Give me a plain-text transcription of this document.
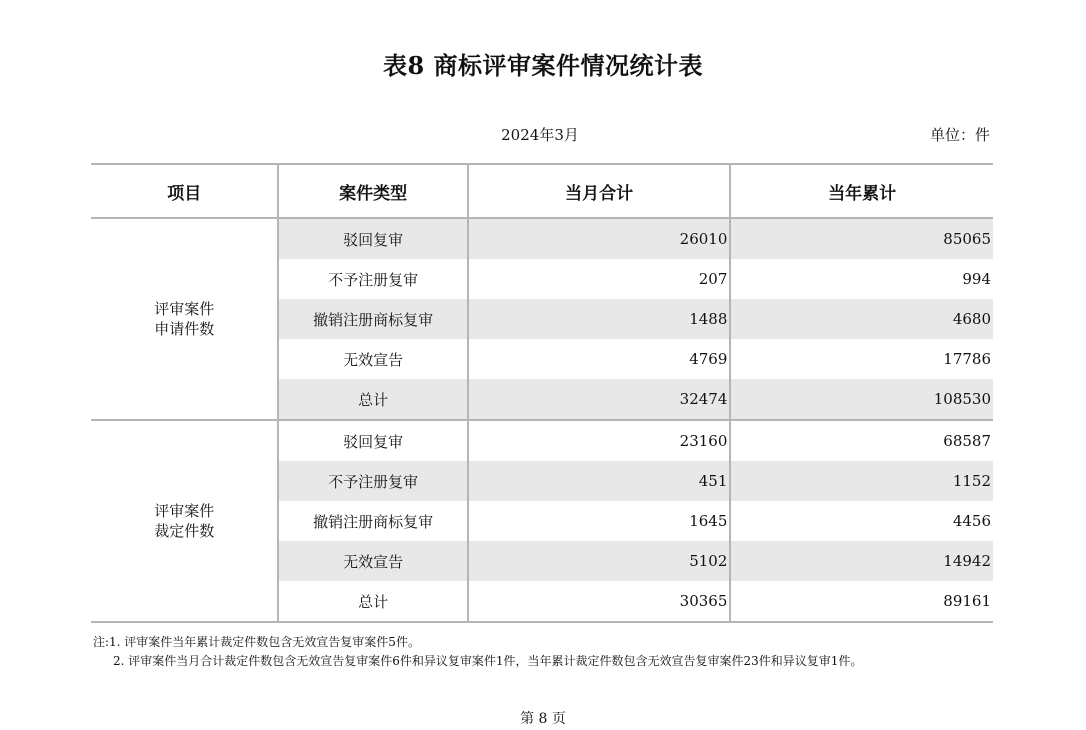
表8 商标评审案件情况统计表
2024年3月	单位：件
项目	案件类型	当月合计	当年累计

评审案件
申请件数	驳回复审	26010	85065
	不予注册复审	207	994
	撤销注册商标复审	1488	4680
	无效宣告	4769	17786
	总计	32474	108530

评审案件
裁定件数	驳回复审	23160	68587
	不予注册复审	451	1152
	撤销注册商标复审	1645	4456
	无效宣告	5102	14942
	总计	30365	89161
注:1. 评审案件当年累计裁定件数包含无效宣告复审案件5件。
2. 评审案件当月合计裁定件数包含无效宣告复审案件6件和异议复审案件1件，当年累计裁定件数包含无效宣告复审案件23件和异议复审1件。
第 8 页
